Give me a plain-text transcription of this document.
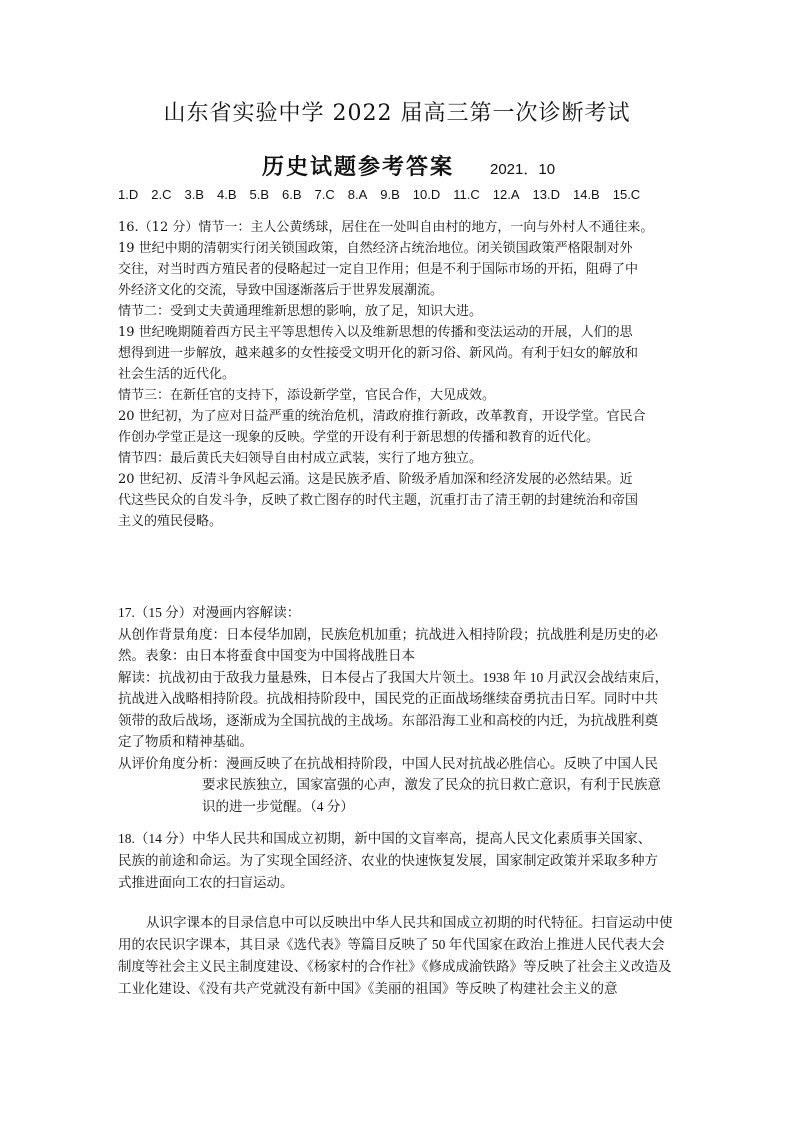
山东省实验中学 2022 届高三第一次诊断考试
历史试题参考答案 2021．10
1.D 2.C 3.B 4.B 5.B 6.B 7.C 8.A 9.B 10.D 11.C 12.A 13.D 14.B 15.C

16.（12 分）情节一：主人公黄绣球，居住在一处叫自由村的地方，一向与外村人不通往来。

19 世纪中期的清朝实行闭关锁国政策，自然经济占统治地位。闭关锁国政策严格限制对外

交往，对当时西方殖民者的侵略起过一定自卫作用；但是不利于国际市场的开拓，阻碍了中

外经济文化的交流，导致中国逐渐落后于世界发展潮流。

情节二：受到丈夫黄通理维新思想的影响，放了足，知识大进。

19 世纪晚期随着西方民主平等思想传入以及维新思想的传播和变法运动的开展，人们的思

想得到进一步解放，越来越多的女性接受文明开化的新习俗、新风尚。有利于妇女的解放和

社会生活的近代化。

情节三：在新任官的支持下，添设新学堂，官民合作，大见成效。

20 世纪初，为了应对日益严重的统治危机，清政府推行新政，改革教育，开设学堂。官民合

作创办学堂正是这一现象的反映。学堂的开设有利于新思想的传播和教育的近代化。

情节四：最后黄氏夫妇领导自由村成立武装，实行了地方独立。

20 世纪初、反清斗争风起云涌。这是民族矛盾、阶级矛盾加深和经济发展的必然结果。近

代这些民众的自发斗争，反映了救亡图存的时代主题，沉重打击了清王朝的封建统治和帝国

主义的殖民侵略。

17.（15 分）对漫画内容解读：

从创作背景角度：日本侵华加剧，民族危机加重；抗战进入相持阶段；抗战胜利是历史的必

然。表象：由日本将蚕食中国变为中国将战胜日本

解读：抗战初由于敌我力量悬殊，日本侵占了我国大片领土。1938 年 10 月武汉会战结束后，

抗战进入战略相持阶段。抗战相持阶段中，国民党的正面战场继续奋勇抗击日军。同时中共

领带的敌后战场，逐渐成为全国抗战的主战场。东部沿海工业和高校的内迁，为抗战胜利奠

定了物质和精神基础。

从评价角度分析：漫画反映了在抗战相持阶段，中国人民对抗战必胜信心。反映了中国人民

要求民族独立，国家富强的心声，激发了民众的抗日救亡意识，有利于民族意

识的进一步觉醒。（4 分）

18.（14 分）中华人民共和国成立初期，新中国的文盲率高，提高人民文化素质事关国家、

民族的前途和命运。为了实现全国经济、农业的快速恢复发展，国家制定政策并采取多种方

式推进面向工农的扫盲运动。

从识字课本的目录信息中可以反映出中华人民共和国成立初期的时代特征。扫盲运动中使用的农民识字课本，其目录《选代表》等篇目反映了 50 年代国家在政治上推进人民代表大会制度等社会主义民主制度建设、《杨家村的合作社》《修成成渝铁路》等反映了社会主义改造及工业化建设、《没有共产党就没有新中国》《美丽的祖国》等反映了构建社会主义的意
